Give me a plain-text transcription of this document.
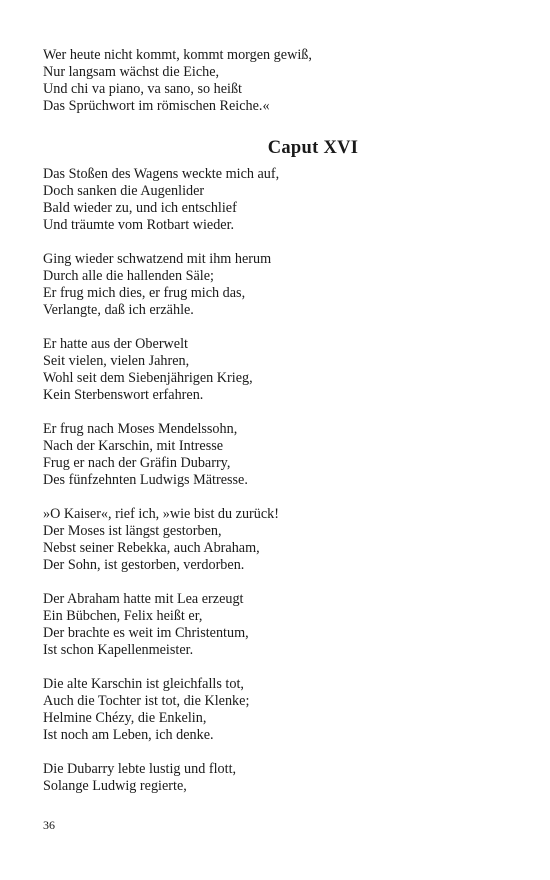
Wer heute nicht kommt, kommt morgen gewiß,
Nur langsam wächst die Eiche,
Und chi va piano, va sano, so heißt
Das Sprüchwort im römischen Reiche.«
Caput XVI
Das Stoßen des Wagens weckte mich auf,
Doch sanken die Augenlider
Bald wieder zu, und ich entschlief
Und träumte vom Rotbart wieder.
Ging wieder schwatzend mit ihm herum
Durch alle die hallenden Säle;
Er frug mich dies, er frug mich das,
Verlangte, daß ich erzähle.
Er hatte aus der Oberwelt
Seit vielen, vielen Jahren,
Wohl seit dem Siebenjährigen Krieg,
Kein Sterbenswort erfahren.
Er frug nach Moses Mendelssohn,
Nach der Karschin, mit Intresse
Frug er nach der Gräfin Dubarry,
Des fünfzehnten Ludwigs Mätresse.
»O Kaiser«, rief ich, »wie bist du zurück!
Der Moses ist längst gestorben,
Nebst seiner Rebekka, auch Abraham,
Der Sohn, ist gestorben, verdorben.
Der Abraham hatte mit Lea erzeugt
Ein Bübchen, Felix heißt er,
Der brachte es weit im Christentum,
Ist schon Kapellenmeister.
Die alte Karschin ist gleichfalls tot,
Auch die Tochter ist tot, die Klenke;
Helmine Chézy, die Enkelin,
Ist noch am Leben, ich denke.
Die Dubarry lebte lustig und flott,
Solange Ludwig regierte,
36
